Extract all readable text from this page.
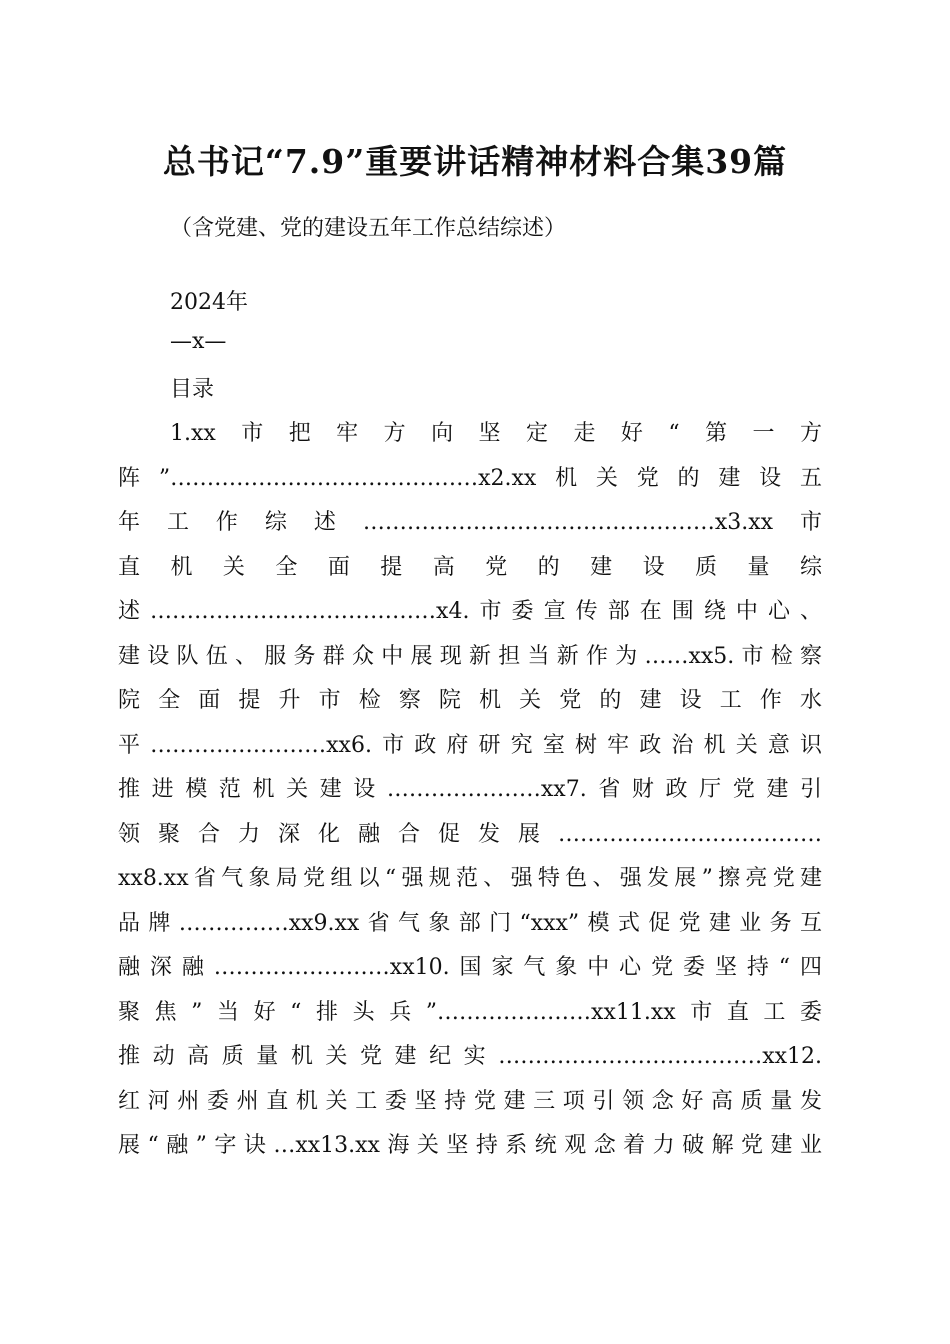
总书记“7.9”重要讲话精神材料合集39篇
（含党建、党的建设五年工作总结综述）
2024年
—x—
目录
1.xx市把牢方向坚定走好“第一方
阵”……………………………………x2.xx机关党的建设五
年工作综述…………………………………………x3.xx市
直机关全面提高党的建设质量综
述…………………………………x4.市委宣传部在围绕中心、
建设队伍、服务群众中展现新担当新作为……xx5.市检察
院全面提升市检察院机关党的建设工作水
平……………………xx6.市政府研究室树牢政治机关意识
推进模范机关建设…………………xx7.省财政厅党建引
领聚合力深化融合促发展………………………………
xx8.xx省气象局党组以“强规范、强特色、强发展”擦亮党建
品牌……………xx9.xx省气象部门“xxx”模式促党建业务互
融深融……………………xx10.国家气象中心党委坚持“四
聚焦”当好“排头兵”…………………xx11.xx市直工委
推动高质量机关党建纪实………………………………xx12.
红河州委州直机关工委坚持党建三项引领念好高质量发
展“融”字诀…xx13.xx海关坚持系统观念着力破解党建业
